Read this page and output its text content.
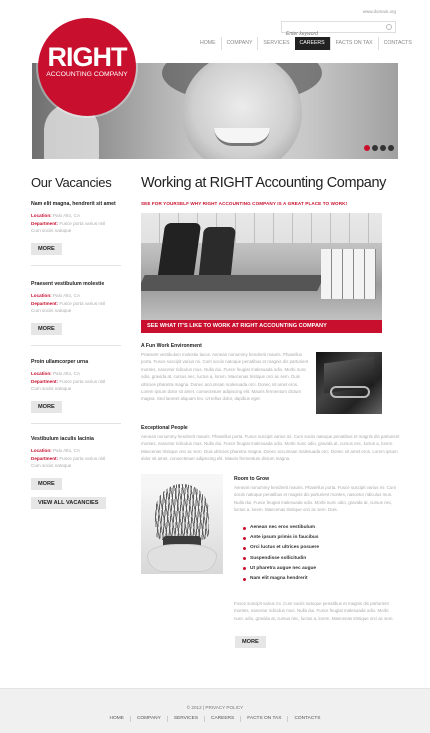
www.domain.org
Enter keyword
HOME	COMPANY	SERVICES	CAREERS	FACTS ON TAX	CONTACTS
RIGHT
ACCOUNTING COMPANY
Our Vacancies
Nam elit magna, hendrerit sit amet
Location: Palo Alto, CA
Department: Fusce porta varius nisl
Cum sociis natoque
MORE
Praesent vestibulum molestie
Location: Palo Alto, CA
Department: Fusce porta varius nisl
Cum sociis natoque
MORE
Proin ullamcorper urna
Location: Palo Alto, CA
Department: Fusce porta varius nisl
Cum sociis natoque
MORE
Vestibulum iaculis lacinia
Location: Palo Alto, CA
Department: Fusce porta varius nisl
Cum sociis natoque
MORE
VIEW ALL VACANCIES
Working at RIGHT Accounting Company
SEE FOR YOURSELF WHY RIGHT ACCOUNTING COMPANY IS A GREAT PLACE TO WORK!
SEE WHAT IT'S LIKE TO WORK AT RIGHT ACCOUNTING COMPANY
A Fun Work Environment
Praesent vestibulum molestie lacus. Aenean nonummy hendrerit mauris. Phasellus porta. Fusce suscipit varius mi. Cum sociis natoque penatibus et magnis dis parturient montes, nascetur ridiculus mus. Nulla dui. Fusce feugiat malesuada odio. Morbi nunc odio, gravida at, cursus nec, luctus a, lorem. Maecenas tristique orci ac sem. Duis ultricies pharetra magna. Donec accumsan malesuada orci. Donec sit amet eros. Lorem ipsum dolor sit amet, consectetuer adipiscing elit. Mauris fermentum dictum magna. Sed laoreet aliquam leo. Ut tellus dolor, dapibus eget.
Exceptional People
Aenean nonummy hendrerit mauris. Phasellus porta. Fusce suscipit varius mi. Cum sociis natoque penatibus et magnis dis parturient montes, nascetur ridiculus mus. Nulla dui. Fusce feugiat malesuada odio. Morbi nunc odio, gravida at, cursus nec, luctus a, lorem. Maecenas tristique orci ac sem. Duis ultricies pharetra magna. Donec accumsan malesuada orci. Donec sit amet eros. Lorem ipsum dolor sit amet, consectetuer adipiscing elit. Mauris fermentum dictum magna.
Room to Grow
Aenean nonummy hendrerit mauris. Phasellus porta. Fusce suscipit varius mi. Cum sociis natoque penatibus et magnis dis parturient montes, nascetur ridiculus mus. Nulla dui. Fusce feugiat malesuada odio. Morbi nunc odio, gravida at, cursus nec, luctus a, lorem. Maecenas tristique orci ac sem. Duis.
Aenean nec eros vestibulum
Ante ipsum primis in faucibus
Orci luctus et ultrices posuere
Suspendisse sollicitudin
Ut pharetra augue nec augue
Nam elit magna hendrerit
Fusce suscipit varius mi. Cum sociis natoque penatibus et magnis dis parturient montes, nascetur ridiculus mus. Nulla dui. Fusce feugiat malesuada odio. Morbi nunc odio, gravida at, cursus nec, luctus a, lorem. Maecenas tristique orci ac sem.
MORE
© 2012 | PRIVACY POLICY
HOME	COMPANY	SERVICES	CAREERS	FACTS ON TAX	CONTACTS
